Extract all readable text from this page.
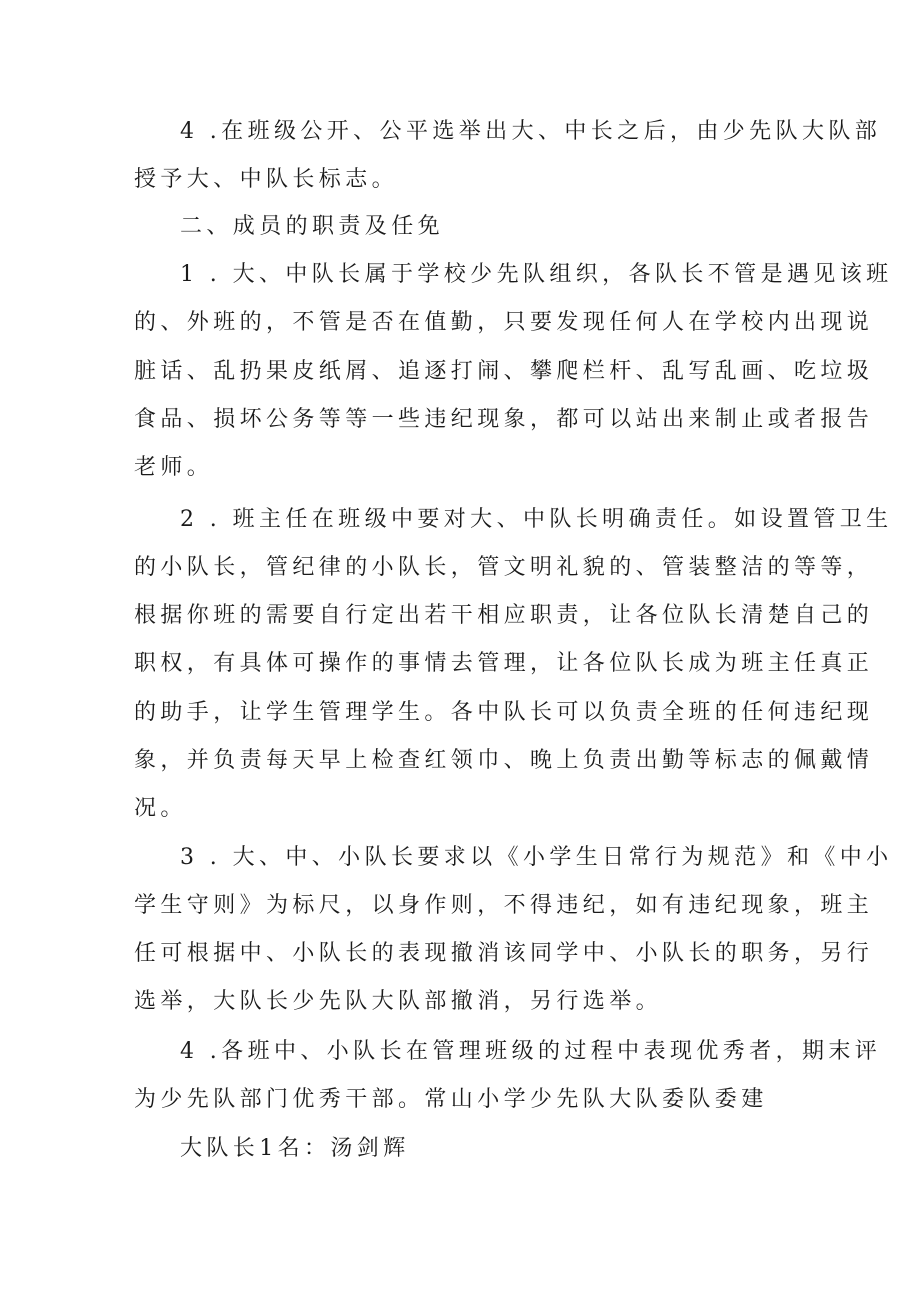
4 .在班级公开、公平选举出大、中长之后，由少先队大队部
授予大、中队长标志。
二、成员的职责及任免
1 . 大、中队长属于学校少先队组织，各队长不管是遇见该班
的、外班的，不管是否在值勤，只要发现任何人在学校内出现说
脏话、乱扔果皮纸屑、追逐打闹、攀爬栏杆、乱写乱画、吃垃圾
食品、损坏公务等等一些违纪现象，都可以站出来制止或者报告
老师。
2 . 班主任在班级中要对大、中队长明确责任。如设置管卫生
的小队长，管纪律的小队长，管文明礼貌的、管装整洁的等等，
根据你班的需要自行定出若干相应职责，让各位队长清楚自己的
职权，有具体可操作的事情去管理，让各位队长成为班主任真正
的助手，让学生管理学生。各中队长可以负责全班的任何违纪现
象，并负责每天早上检查红领巾、晚上负责出勤等标志的佩戴情
况。
3 . 大、中、小队长要求以《小学生日常行为规范》和《中小
学生守则》为标尺，以身作则，不得违纪，如有违纪现象，班主
任可根据中、小队长的表现撤消该同学中、小队长的职务，另行
选举，大队长少先队大队部撤消，另行选举。
4 .各班中、小队长在管理班级的过程中表现优秀者，期末评
为少先队部门优秀干部。常山小学少先队大队委队委建
大队长1名：汤剑辉
